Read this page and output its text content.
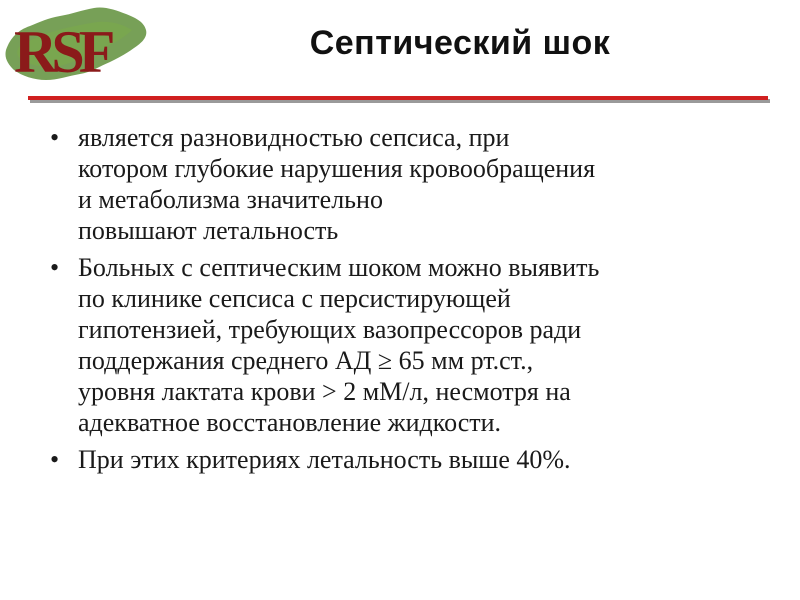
RSF	Септический шок
• является разновидностью сепсиса, при
котором глубокие нарушения кровообращения
и метаболизма значительно
повышают летальность
• Больных с септическим шоком можно выявить
по клинике сепсиса с персистирующей
гипотензией, требующих вазопрессоров ради
поддержания среднего АД ≥ 65 мм рт.ст.,
уровня лактата крови > 2 мМ/л, несмотря на
адекватное восстановление жидкости.
• При этих критериях летальность выше 40%.
